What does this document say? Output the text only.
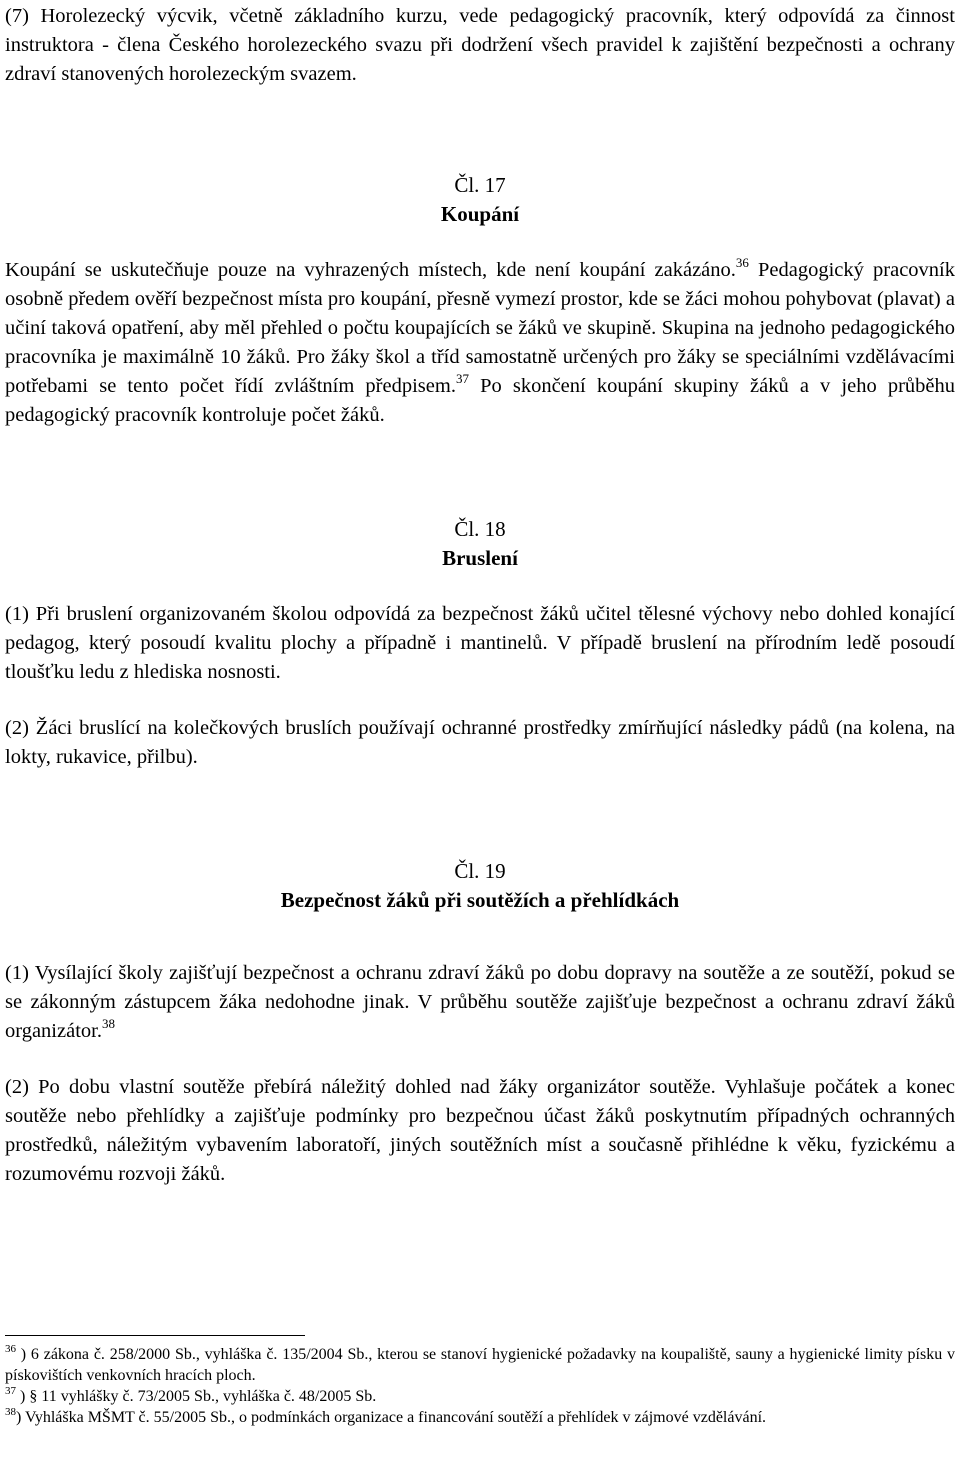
(7) Horolezecký výcvik, včetně základního kurzu, vede pedagogický pracovník, který odpovídá za činnost instruktora - člena Českého horolezeckého svazu při dodržení všech pravidel k zajištění bezpečnosti a ochrany zdraví stanovených horolezeckým svazem.

Čl. 17

Koupání

Koupání se uskutečňuje pouze na vyhrazených místech, kde není koupání zakázáno.$^{36}$ Pedagogický pracovník osobně předem ověří bezpečnost místa pro koupání, přesně vymezí prostor, kde se žáci mohou pohybovat (plavat) a učiní taková opatření, aby měl přehled o počtu koupajících se žáků ve skupině. Skupina na jednoho pedagogického pracovníka je maximálně 10 žáků. Pro žáky škol a tříd samostatně určených pro žáky se speciálními vzdělávacími potřebami se tento počet řídí zvláštním předpisem.$^{37}$ Po skončení koupání skupiny žáků a v jeho průběhu pedagogický pracovník kontroluje počet žáků.

Čl. 18

Bruslení

(1) Při bruslení organizovaném školou odpovídá za bezpečnost žáků učitel tělesné výchovy nebo dohled konající pedagog, který posoudí kvalitu plochy a případně i mantinelů. V případě bruslení na přírodním ledě posoudí tloušťku ledu z hlediska nosnosti.

(2) Žáci bruslící na kolečkových bruslích používají ochranné prostředky zmírňující následky pádů (na kolena, na lokty, rukavice, přilbu).

Čl. 19

Bezpečnost žáků při soutěžích a přehlídkách

(1) Vysílající školy zajišťují bezpečnost a ochranu zdraví žáků po dobu dopravy na soutěže a ze soutěží, pokud se se zákonným zástupcem žáka nedohodne jinak. V průběhu soutěže zajišťuje bezpečnost a ochranu zdraví žáků organizátor.$^{38}$

(2) Po dobu vlastní soutěže přebírá náležitý dohled nad žáky organizátor soutěže. Vyhlašuje počátek a konec soutěže nebo přehlídky a zajišťuje podmínky pro bezpečnou účast žáků poskytnutím případných ochranných prostředků, náležitým vybavením laboratoří, jiných soutěžních míst a současně přihlédne k věku, fyzickému a rozumovému rozvoji žáků.

$^{36}$ ) 6 zákona č. 258/2000 Sb., vyhláška č. 135/2004 Sb., kterou se stanoví hygienické požadavky na koupaliště, sauny a hygienické limity písku v pískovištích venkovních hracích ploch.

$^{37}$ ) § 11 vyhlášky č. 73/2005 Sb., vyhláška č. 48/2005 Sb.

$^{38}$) Vyhláška MŠMT č. 55/2005 Sb., o podmínkách organizace a financování soutěží a přehlídek v zájmové vzdělávání.
